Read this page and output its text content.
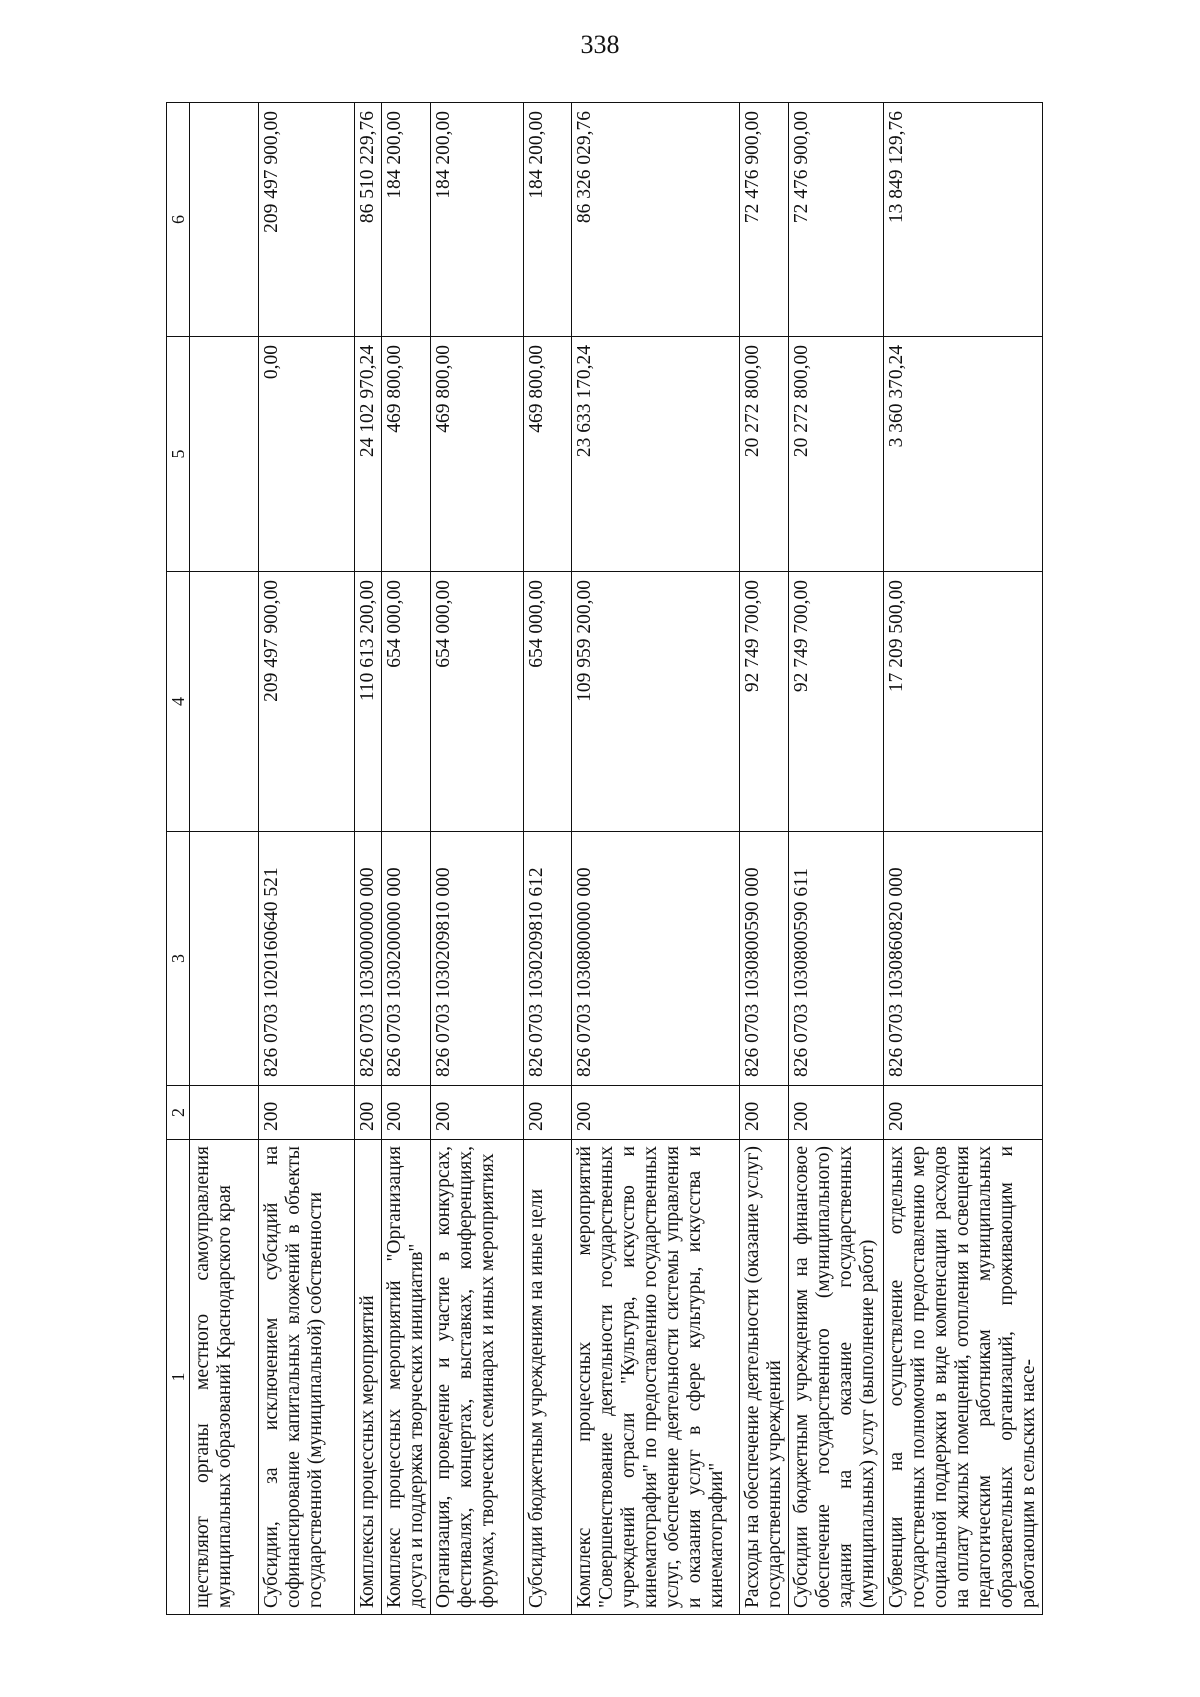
338
1	2	3	4	5	6
ществляют органы местного самоуправления муниципальных образований Краснодарского края					
Субсидии, за исключением субсидий на софинансирование капитальных вложений в объекты государственной (муниципальной) собственности	200	826 0703 1020160640 521	209 497 900,00	0,00	209 497 900,00
Комплексы процессных мероприятий	200	826 0703 1030000000 000	110 613 200,00	24 102 970,24	86 510 229,76
Комплекс процессных мероприятий "Организация досуга и поддержка творческих инициатив"	200	826 0703 1030200000 000	654 000,00	469 800,00	184 200,00
Организация, проведение и участие в конкурсах, фестивалях, концертах, выставках, конференциях, форумах, творческих семинарах и иных мероприятиях	200	826 0703 1030209810 000	654 000,00	469 800,00	184 200,00
Субсидии бюджетным учреждениям на иные цели	200	826 0703 1030209810 612	654 000,00	469 800,00	184 200,00
Комплекс процессных мероприятий "Совершенствование деятельности государственных учреждений отрасли "Культура, искусство и кинематография" по предоставлению государственных услуг, обеспечение деятельности системы управления и оказания услуг в сфере культуры, искусства и кинематографии"	200	826 0703 1030800000 000	109 959 200,00	23 633 170,24	86 326 029,76
Расходы на обеспечение деятельности (оказание услуг) государственных учреждений	200	826 0703 1030800590 000	92 749 700,00	20 272 800,00	72 476 900,00
Субсидии бюджетным учреждениям на финансовое обеспечение государственного (муниципального) задания на оказание государственных (муниципальных) услуг (выполнение работ)	200	826 0703 1030800590 611	92 749 700,00	20 272 800,00	72 476 900,00
Субвенции на осуществление отдельных государственных полномочий по предоставлению мер социальной поддержки в виде компенсации расходов на оплату жилых помещений, отопления и освещения педагогическим работникам муниципальных образовательных организаций, проживающим и работающим в сельских насе-	200	826 0703 1030860820 000	17 209 500,00	3 360 370,24	13 849 129,76
